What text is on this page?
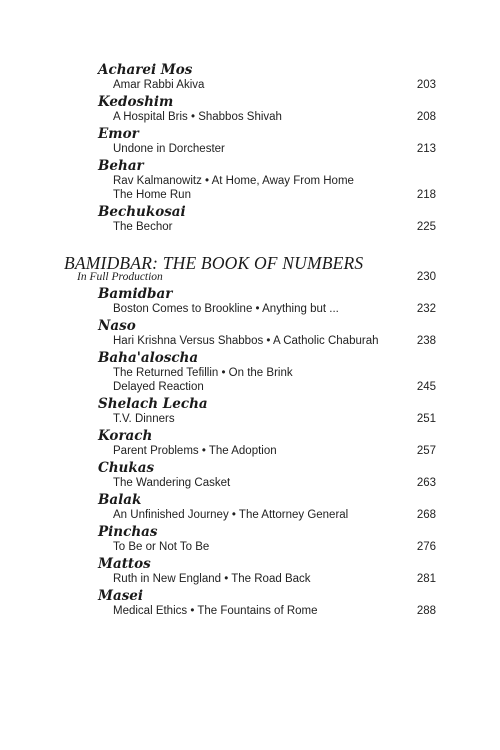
Acharei Mos
Amar Rabbi Akiva	203
Kedoshim
A Hospital Bris • Shabbos Shivah	208
Emor
Undone in Dorchester	213
Behar
Rav Kalmanowitz • At Home, Away From Home
The Home Run	218
Bechukosai
The Bechor	225
BAMIDBAR: THE BOOK OF NUMBERS
In Full Production	230
Bamidbar
Boston Comes to Brookline • Anything but ...	232
Naso
Hari Krishna Versus Shabbos • A Catholic Chaburah	238
Baha'aloscha
The Returned Tefillin • On the Brink
Delayed Reaction	245
Shelach Lecha
T.V. Dinners	251
Korach
Parent Problems • The Adoption	257
Chukas
The Wandering Casket	263
Balak
An Unfinished Journey • The Attorney General	268
Pinchas
To Be or Not To Be	276
Mattos
Ruth in New England • The Road Back	281
Masei
Medical Ethics • The Fountains of Rome	288
